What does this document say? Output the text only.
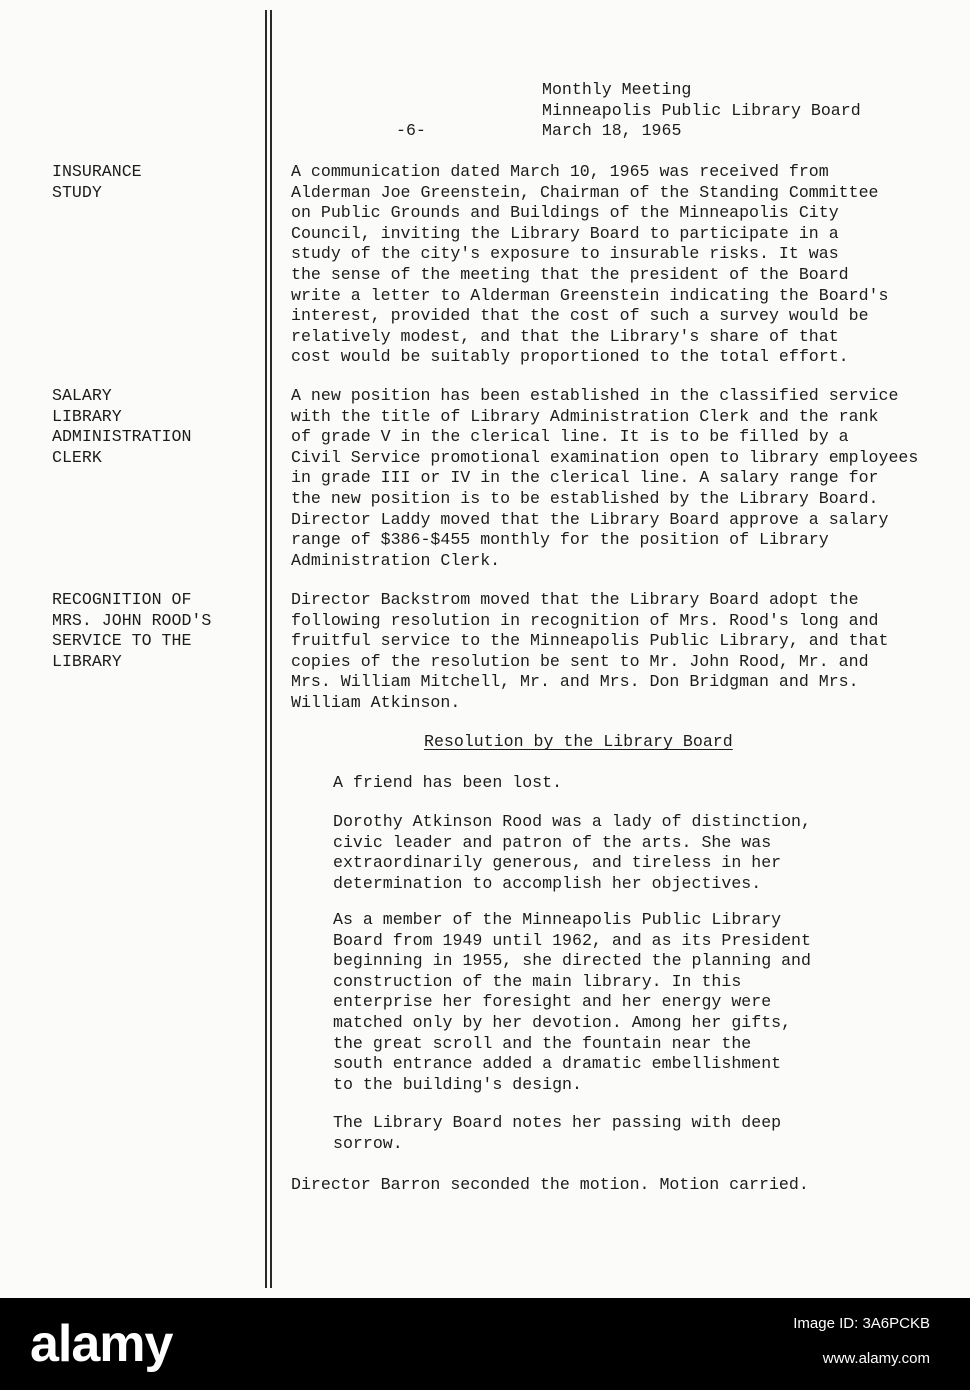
Monthly Meeting
Minneapolis Public Library Board
March 18, 1965
-6-
INSURANCE
STUDY
SALARY
LIBRARY
ADMINISTRATION
CLERK
RECOGNITION OF
MRS. JOHN ROOD'S
SERVICE TO THE
LIBRARY
A communication dated March 10, 1965 was received from
Alderman Joe Greenstein, Chairman of the Standing Committee
on Public Grounds and Buildings of the Minneapolis City
Council, inviting the Library Board to participate in a
study of the city's exposure to insurable risks. It was
the sense of the meeting that the president of the Board
write a letter to Alderman Greenstein indicating the Board's
interest, provided that the cost of such a survey would be
relatively modest, and that the Library's share of that
cost would be suitably proportioned to the total effort.
A new position has been established in the classified service
with the title of Library Administration Clerk and the rank
of grade V in the clerical line. It is to be filled by a
Civil Service promotional examination open to library employees
in grade III or IV in the clerical line. A salary range for
the new position is to be established by the Library Board.
Director Laddy moved that the Library Board approve a salary
range of $386-$455 monthly for the position of Library
Administration Clerk.
Director Backstrom moved that the Library Board adopt the
following resolution in recognition of Mrs. Rood's long and
fruitful service to the Minneapolis Public Library, and that
copies of the resolution be sent to Mr. John Rood, Mr. and
Mrs. William Mitchell, Mr. and Mrs. Don Bridgman and Mrs.
William Atkinson.
Resolution by the Library Board
A friend has been lost.
Dorothy Atkinson Rood was a lady of distinction,
civic leader and patron of the arts. She was
extraordinarily generous, and tireless in her
determination to accomplish her objectives.
As a member of the Minneapolis Public Library
Board from 1949 until 1962, and as its President
beginning in 1955, she directed the planning and
construction of the main library. In this
enterprise her foresight and her energy were
matched only by her devotion. Among her gifts,
the great scroll and the fountain near the
south entrance added a dramatic embellishment
to the building's design.
The Library Board notes her passing with deep
sorrow.
Director Barron seconded the motion. Motion carried.
alamy	Image ID: 3A6PCKB
www.alamy.com
